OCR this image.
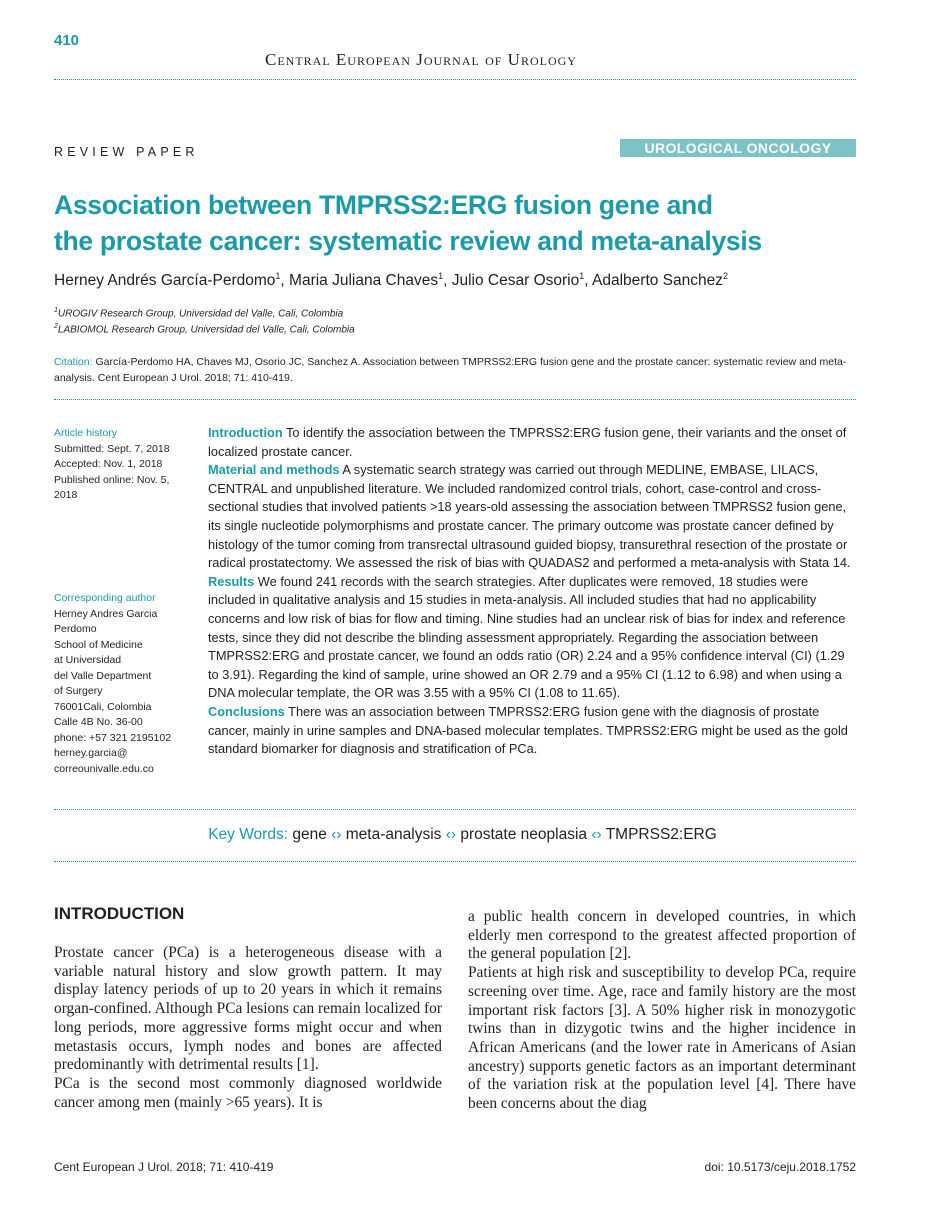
410
Central European Journal of Urology
REVIEW PAPER	UROLOGICAL ONCOLOGY
Association between TMPRSS2:ERG fusion gene and
the prostate cancer: systematic review and meta-analysis
Herney Andrés García-Perdomo$^1$, Maria Juliana Chaves$^1$, Julio Cesar Osorio$^1$, Adalberto Sanchez$^2$
$^1$UROGIV Research Group, Universidad del Valle, Cali, Colombia
$^2$LABIOMOL Research Group, Universidad del Valle, Cali, Colombia
Citation: García-Perdomo HA, Chaves MJ, Osorio JC, Sanchez A. Association between TMPRSS2:ERG fusion gene and the prostate cancer: systematic review and meta-analysis. Cent European J Urol. 2018; 71: 410-419.
Article history
Submitted: Sept. 7, 2018
Accepted: Nov. 1, 2018
Published online: Nov. 5, 2018
Corresponding author
Herney Andres Garcia
Perdomo
School of Medicine
at Universidad
del Valle Department
of Surgery
76001Cali, Colombia
Calle 4B No. 36-00
phone: +57 321 2195102
herney.garcia@
correounivalle.edu.co
Introduction To identify the association between the TMPRSS2:ERG fusion gene, their variants and the onset of localized prostate cancer.
Material and methods A systematic search strategy was carried out through MEDLINE, EMBASE, LILACS, CENTRAL and unpublished literature. We included randomized control trials, cohort, case-control and cross-sectional studies that involved patients >18 years-old assessing the association between TMPRSS2 fusion gene, its single nucleotide polymorphisms and prostate cancer. The primary outcome was prostate cancer defined by histology of the tumor coming from transrectal ultrasound guided biopsy, transurethral resection of the prostate or radical prostatectomy. We assessed the risk of bias with QUADAS2 and performed a meta-analysis with Stata 14.
Results We found 241 records with the search strategies. After duplicates were removed, 18 studies were included in qualitative analysis and 15 studies in meta-analysis. All included studies that had no applicability concerns and low risk of bias for flow and timing. Nine studies had an unclear risk of bias for index and reference tests, since they did not describe the blinding assessment appropriately. Regarding the association between TMPRSS2:ERG and prostate cancer, we found an odds ratio (OR) 2.24 and a 95% confidence interval (CI) (1.29 to 3.91). Regarding the kind of sample, urine showed an OR 2.79 and a 95% CI (1.12 to 6.98) and when using a DNA molecular template, the OR was 3.55 with a 95% CI (1.08 to 11.65).
Conclusions There was an association between TMPRSS2:ERG fusion gene with the diagnosis of prostate cancer, mainly in urine samples and DNA-based molecular templates. TMPRSS2:ERG might be used as the gold standard biomarker for diagnosis and stratification of PCa.
Key Words: gene ‹› meta-analysis ‹› prostate neoplasia ‹› TMPRSS2:ERG
INTRODUCTION

Prostate cancer (PCa) is a heterogeneous disease with a variable natural history and slow growth pattern. It may display latency periods of up to 20 years in which it remains organ-confined. Although PCa lesions can remain localized for long periods, more aggressive forms might occur and when metastasis occurs, lymph nodes and bones are affected predominantly with detrimental results [1].

PCa is the second most commonly diagnosed worldwide cancer among men (mainly >65 years). It is

a public health concern in developed countries, in which elderly men correspond to the greatest affected proportion of the general population [2].

Patients at high risk and susceptibility to develop PCa, require screening over time. Age, race and family history are the most important risk factors [3]. A 50% higher risk in monozygotic twins than in dizygotic twins and the higher incidence in African Americans (and the lower rate in Americans of Asian ancestry) supports genetic factors as an important determinant of the variation risk at the population level [4]. There have been concerns about the diag

Cent European J Urol. 2018; 71: 410-419	doi: 10.5173/ceju.2018.1752
